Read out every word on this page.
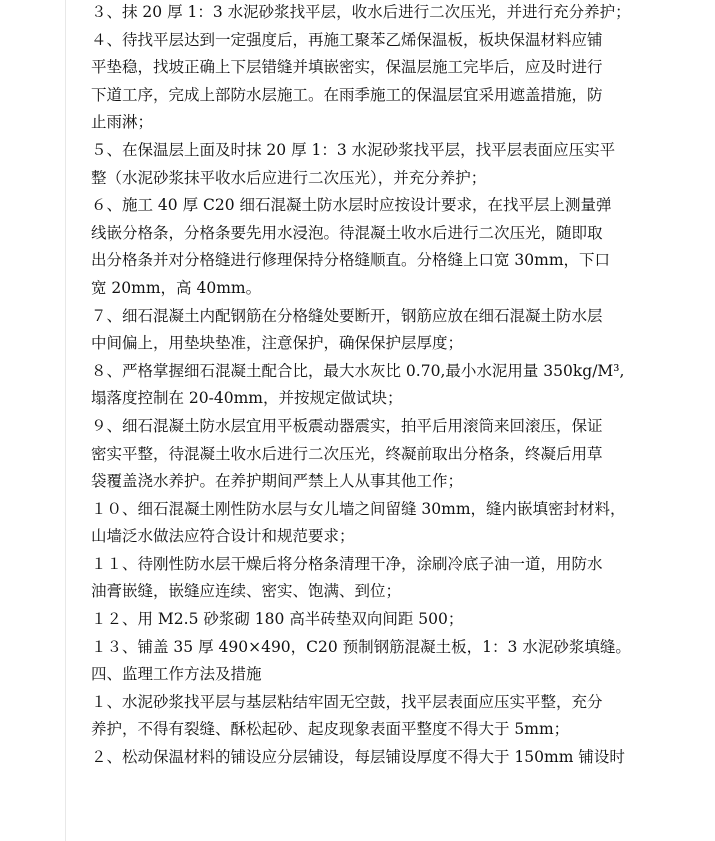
３、抹 20 厚 1：3 水泥砂浆找平层，收水后进行二次压光，并进行充分养护；
４、待找平层达到一定强度后，再施工聚苯乙烯保温板，板块保温材料应铺
平垫稳，找坡正确上下层错缝并填嵌密实，保温层施工完毕后，应及时进行
下道工序，完成上部防水层施工。在雨季施工的保温层宜采用遮盖措施，防
止雨淋；
５、在保温层上面及时抹 20 厚 1：3 水泥砂浆找平层，找平层表面应压实平
整（水泥砂浆抹平收水后应进行二次压光），并充分养护；
６、施工 40 厚 C20 细石混凝土防水层时应按设计要求，在找平层上测量弹
线嵌分格条，分格条要先用水浸泡。待混凝土收水后进行二次压光，随即取
出分格条并对分格缝进行修理保持分格缝顺直。分格缝上口宽 30mm，下口
宽 20mm，高 40mm。
７、细石混凝土内配钢筋在分格缝处要断开，钢筋应放在细石混凝土防水层
中间偏上，用垫块垫准，注意保护，确保保护层厚度；
８、严格掌握细石混凝土配合比，最大水灰比 0.70,最小水泥用量 350kg/M³,
塌落度控制在 20-40mm，并按规定做试块；
９、细石混凝土防水层宜用平板震动器震实，拍平后用滚筒来回滚压，保证
密实平整，待混凝土收水后进行二次压光，终凝前取出分格条，终凝后用草
袋覆盖浇水养护。在养护期间严禁上人从事其他工作；
１０、细石混凝土刚性防水层与女儿墙之间留缝 30mm，缝内嵌填密封材料，
山墙泛水做法应符合设计和规范要求；
１１、待刚性防水层干燥后将分格条清理干净，涂刷冷底子油一道，用防水
油膏嵌缝，嵌缝应连续、密实、饱满、到位；
１２、用 M2.5 砂浆砌 180 高半砖垫双向间距 500；
１３、铺盖 35 厚 490×490，C20 预制钢筋混凝土板，1：3 水泥砂浆填缝。
四、监理工作方法及措施
１、水泥砂浆找平层与基层粘结牢固无空鼓，找平层表面应压实平整，充分
养护，不得有裂缝、酥松起砂、起皮现象表面平整度不得大于 5mm；
２、松动保温材料的铺设应分层铺设，每层铺设厚度不得大于 150mm 铺设时
